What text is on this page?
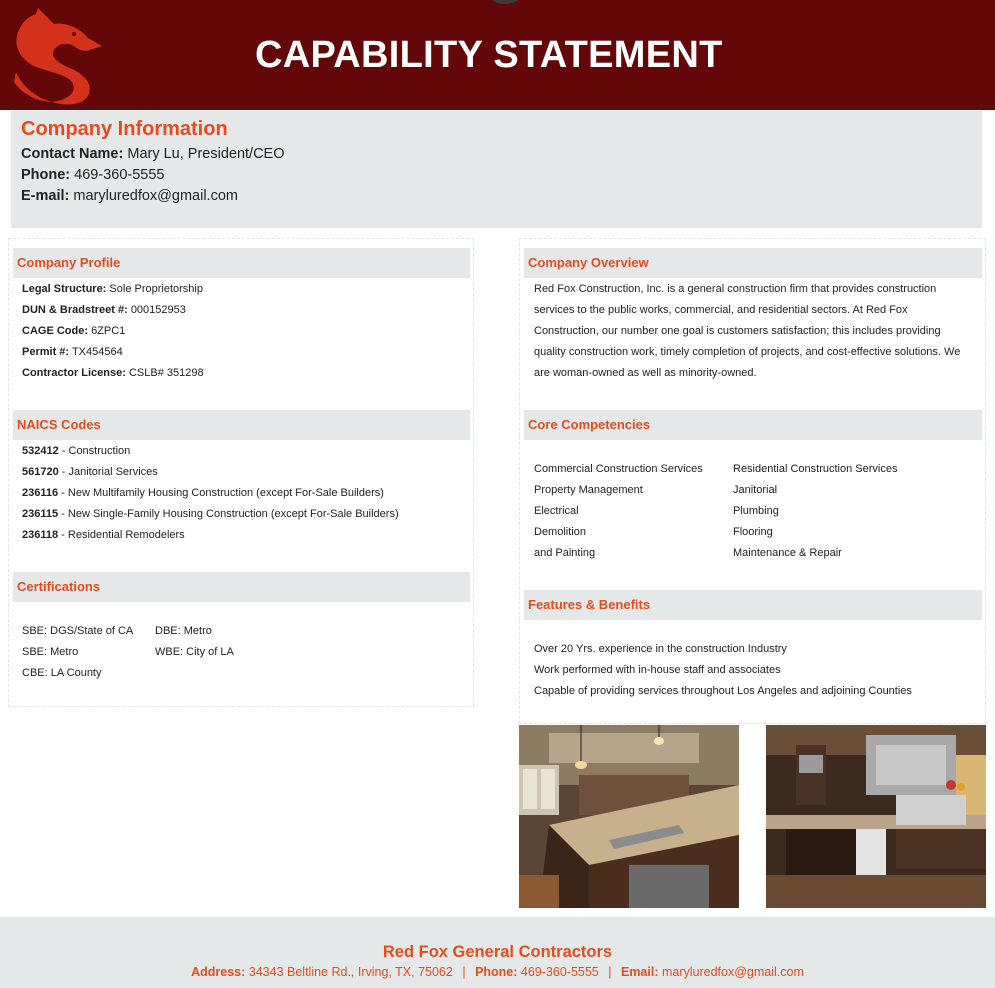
CAPABILITY STATEMENT
Company Information
Contact Name: Mary Lu, President/CEO
Phone: 469-360-5555
E-mail: maryluredfox@gmail.com
Company Profile
Legal Structure: Sole Proprietorship
DUN & Bradstreet #: 000152953
CAGE Code: 6ZPC1
Permit #: TX454564
Contractor License: CSLB# 351298
NAICS Codes
532412 - Construction
561720 - Janitorial Services
236116 - New Multifamily Housing Construction (except For-Sale Builders)
236115 - New Single-Family Housing Construction (except For-Sale Builders)
236118 - Residential Remodelers
Certifications
SBE: DGS/State of CA
SBE: Metro
CBE: LA County
DBE: Metro
WBE: City of LA
Company Overview
Red Fox Construction, Inc. is a general construction firm that provides construction services to the public works, commercial, and residential sectors. At Red Fox Construction, our number one goal is customers satisfaction; this includes providing quality construction work, timely completion of projects, and cost-effective solutions. We are woman-owned as well as minority-owned.
Core Competencies
Commercial Construction Services
Property Management
Electrical
Demolition
and Painting
Residential Construction Services
Janitorial
Plumbing
Flooring
Maintenance & Repair
Features & Benefits
Over 20 Yrs. experience in the construction Industry
Work performed with in-house staff and associates
Capable of providing services throughout Los Angeles and adjoining Counties
Red Fox General Contractors
Address: 34343 Beltline Rd., Irving, TX, 75062 | Phone: 469-360-5555 | Email: maryluredfox@gmail.com
